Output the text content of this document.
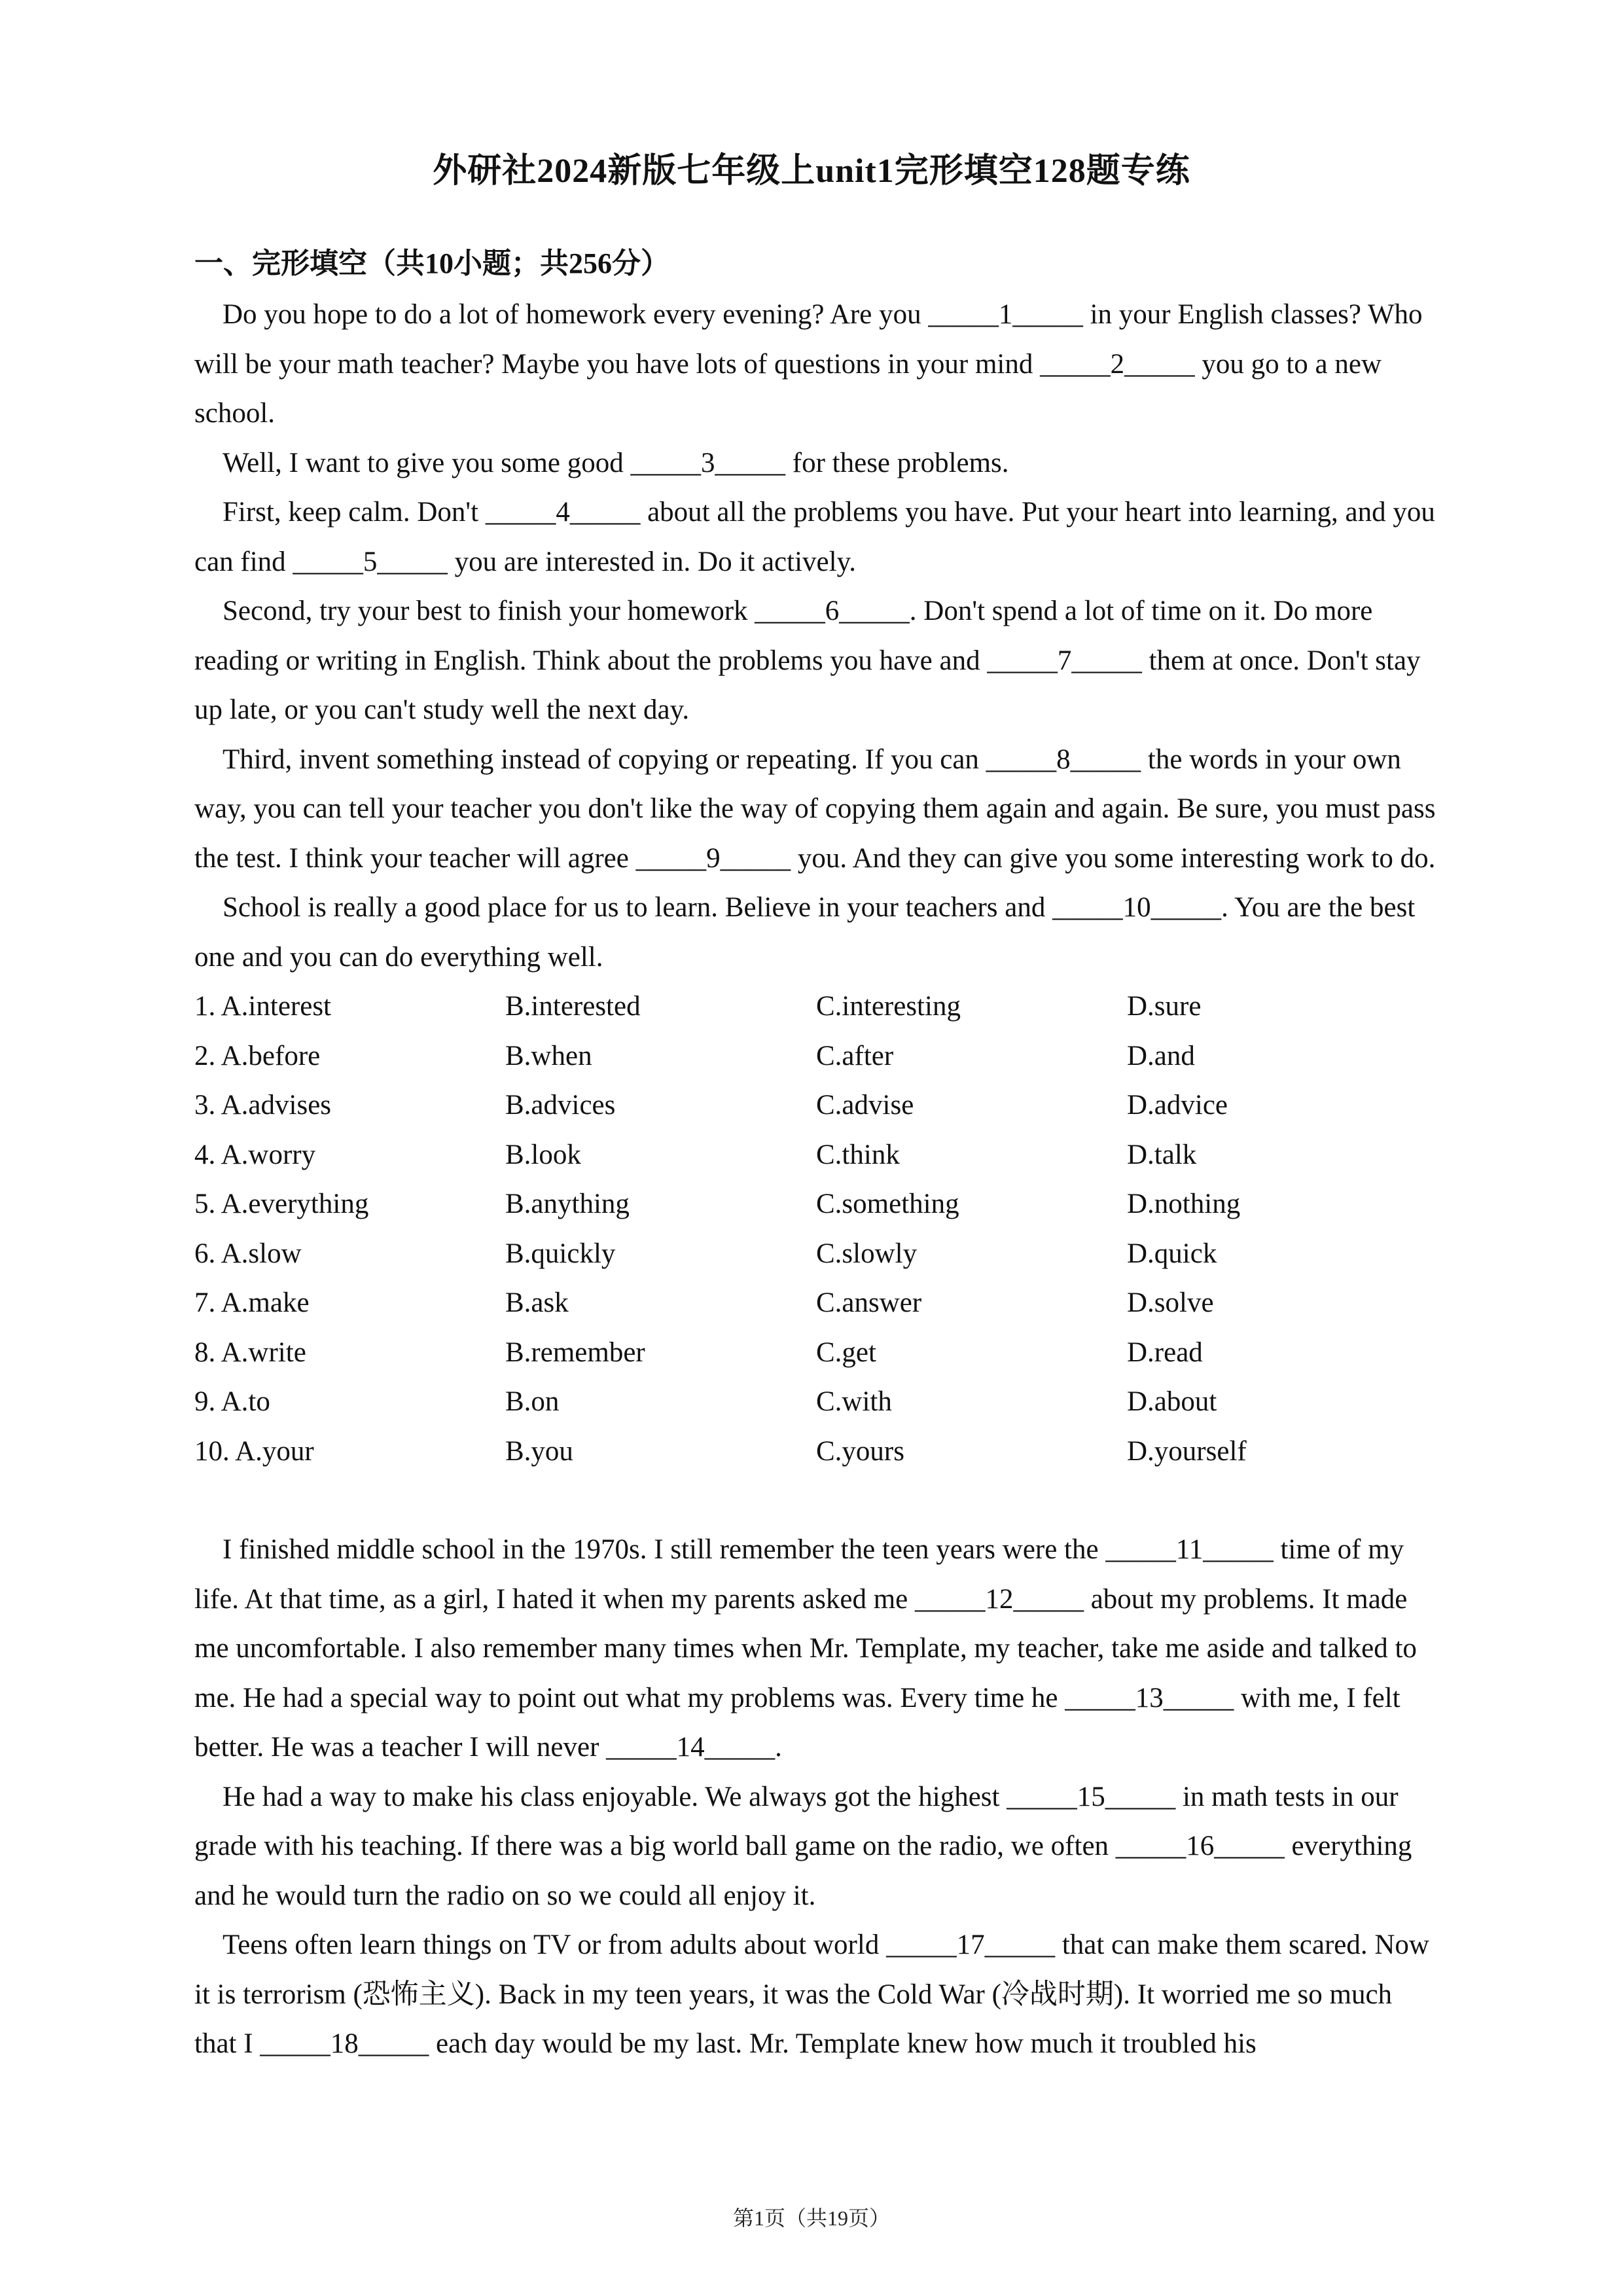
外研社2024新版七年级上unit1完形填空128题专练
一、完形填空（共10小题；共256分）

Do you hope to do a lot of homework every evening? Are you _____1_____ in your English classes? Who will be your math teacher? Maybe you have lots of questions in your mind _____2_____ you go to a new school.

Well, I want to give you some good _____3_____ for these problems.

First, keep calm. Don't _____4_____ about all the problems you have. Put your heart into learning, and you can find _____5_____ you are interested in. Do it actively.

Second, try your best to finish your homework _____6_____. Don't spend a lot of time on it. Do more reading or writing in English. Think about the problems you have and _____7_____ them at once. Don't stay up late, or you can't study well the next day.

Third, invent something instead of copying or repeating. If you can _____8_____ the words in your own way, you can tell your teacher you don't like the way of copying them again and again. Be sure, you must pass the test. I think your teacher will agree _____9_____ you. And they can give you some interesting work to do.

School is really a good place for us to learn. Believe in your teachers and _____10_____. You are the best one and you can do everything well.

1. A.interest	B.interested	C.interesting	D.sure
2. A.before	B.when	C.after	D.and
3. A.advises	B.advices	C.advise	D.advice
4. A.worry	B.look	C.think	D.talk
5. A.everything	B.anything	C.something	D.nothing
6. A.slow	B.quickly	C.slowly	D.quick
7. A.make	B.ask	C.answer	D.solve
8. A.write	B.remember	C.get	D.read
9. A.to	B.on	C.with	D.about
10. A.your	B.you	C.yours	D.yourself

I finished middle school in the 1970s. I still remember the teen years were the _____11_____ time of my life. At that time, as a girl, I hated it when my parents asked me _____12_____ about my problems. It made me uncomfortable. I also remember many times when Mr. Template, my teacher, take me aside and talked to me. He had a special way to point out what my problems was. Every time he _____13_____ with me, I felt better. He was a teacher I will never _____14_____.

He had a way to make his class enjoyable. We always got the highest _____15_____ in math tests in our grade with his teaching. If there was a big world ball game on the radio, we often _____16_____ everything and he would turn the radio on so we could all enjoy it.

Teens often learn things on TV or from adults about world _____17_____ that can make them scared. Now it is terrorism (恐怖主义). Back in my teen years, it was the Cold War (冷战时期). It worried me so much that I _____18_____ each day would be my last. Mr. Template knew how much it troubled his

第1页（共19页）
